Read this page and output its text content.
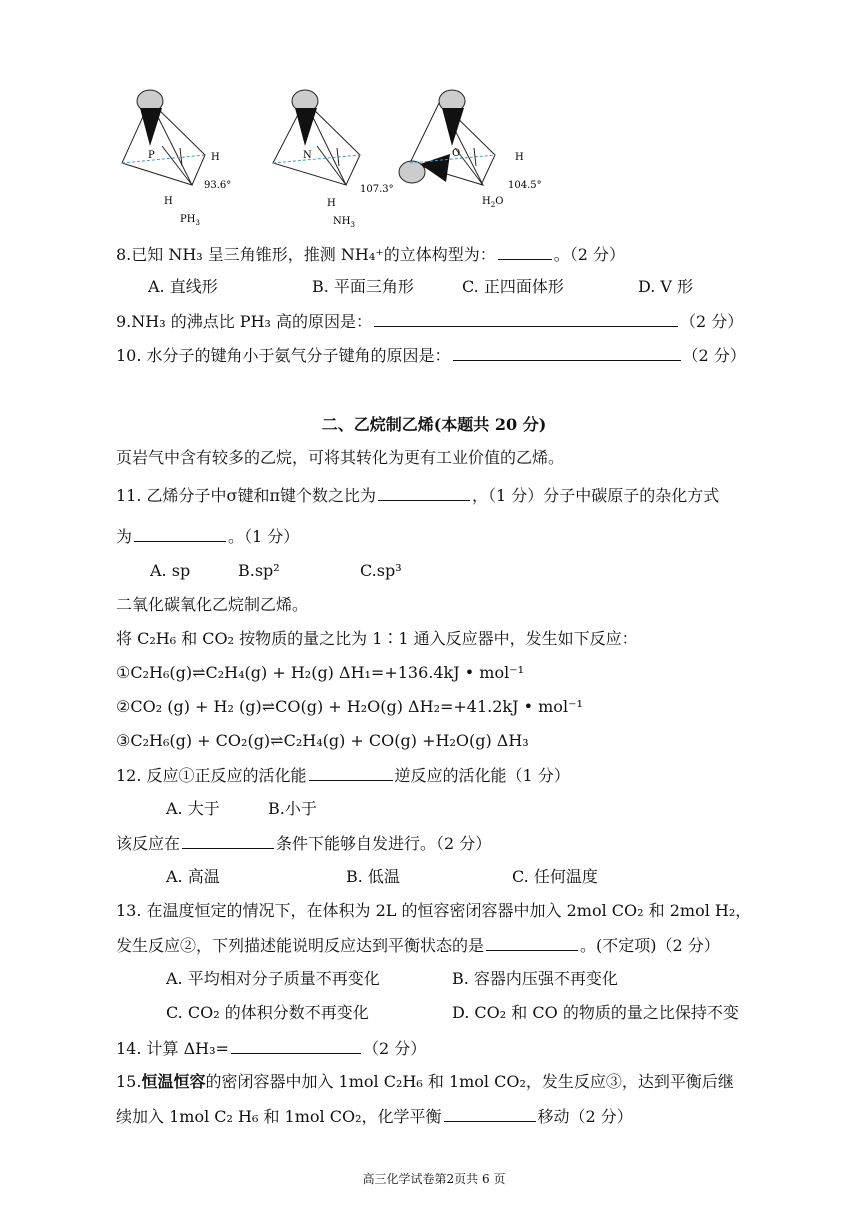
P	H
H
93.6°
$PH_3$
N
H
107.3°
$NH_3$
O	H
104.5°
$H_2O$
8.已知 NH₃ 呈三角锥形，推测 NH₄⁺的立体构型为：	。（2 分）
A. 直线形	B. 平面三角形	C. 正四面体形	D. V 形
9.NH₃ 的沸点比 PH₃ 高的原因是：	（2 分）
10. 水分子的键角小于氨气分子键角的原因是：	（2 分）
二、乙烷制乙烯(本题共 20 分)
页岩气中含有较多的乙烷，可将其转化为更有工业价值的乙烯。
11. 乙烯分子中σ键和π键个数之比为	，（1 分）分子中碳原子的杂化方式
为	。（1 分）
A. sp	B.sp²	C.sp³
二氧化碳氧化乙烷制乙烯。
将 C₂H₆ 和 CO₂ 按物质的量之比为 1∶1 通入反应器中，发生如下反应：
①C₂H₆(g)⇌C₂H₄(g) + H₂(g) ΔH₁=+136.4kJ • mol⁻¹
②CO₂ (g) + H₂ (g)⇌CO(g) + H₂O(g) ΔH₂=+41.2kJ • mol⁻¹
③C₂H₆(g) + CO₂(g)⇌C₂H₄(g) + CO(g) +H₂O(g) ΔH₃
12. 反应①正反应的活化能	逆反应的活化能（1 分）
A. 大于	B.小于
该反应在	条件下能够自发进行。（2 分）
A. 高温	B. 低温	C. 任何温度
13. 在温度恒定的情况下，在体积为 2L 的恒容密闭容器中加入 2mol CO₂ 和 2mol H₂，
发生反应②，下列描述能说明反应达到平衡状态的是	。(不定项)（2 分）
A. 平均相对分子质量不再变化	B. 容器内压强不再变化
C. CO₂ 的体积分数不再变化	D. CO₂ 和 CO 的物质的量之比保持不变
14. 计算 ΔH₃=	（2 分）
15.恒温恒容的密闭容器中加入 1mol C₂H₆ 和 1mol CO₂，发生反应③，达到平衡后继
续加入 1mol C₂ H₆ 和 1mol CO₂，化学平衡	移动（2 分）
高三化学试卷第2页共 6 页
